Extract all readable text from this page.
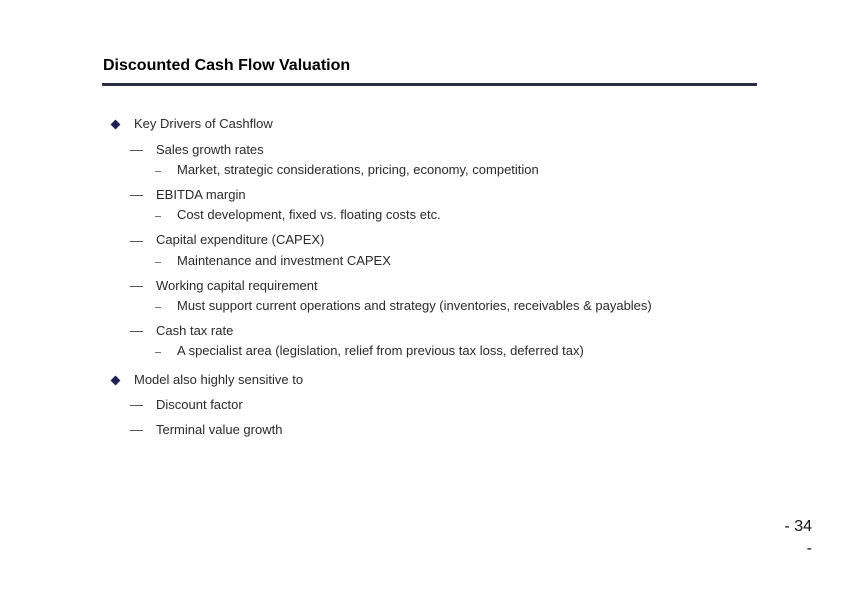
Discounted Cash Flow Valuation
Key Drivers of Cashflow
Sales growth rates
Market, strategic considerations, pricing, economy, competition
EBITDA margin
Cost development, fixed vs. floating costs etc.
Capital expenditure (CAPEX)
Maintenance and investment CAPEX
Working capital requirement
Must support current operations and strategy (inventories, receivables & payables)
Cash tax rate
A specialist area (legislation, relief from previous tax loss, deferred tax)
Model also highly sensitive to
Discount factor
Terminal value growth
- 34
-
